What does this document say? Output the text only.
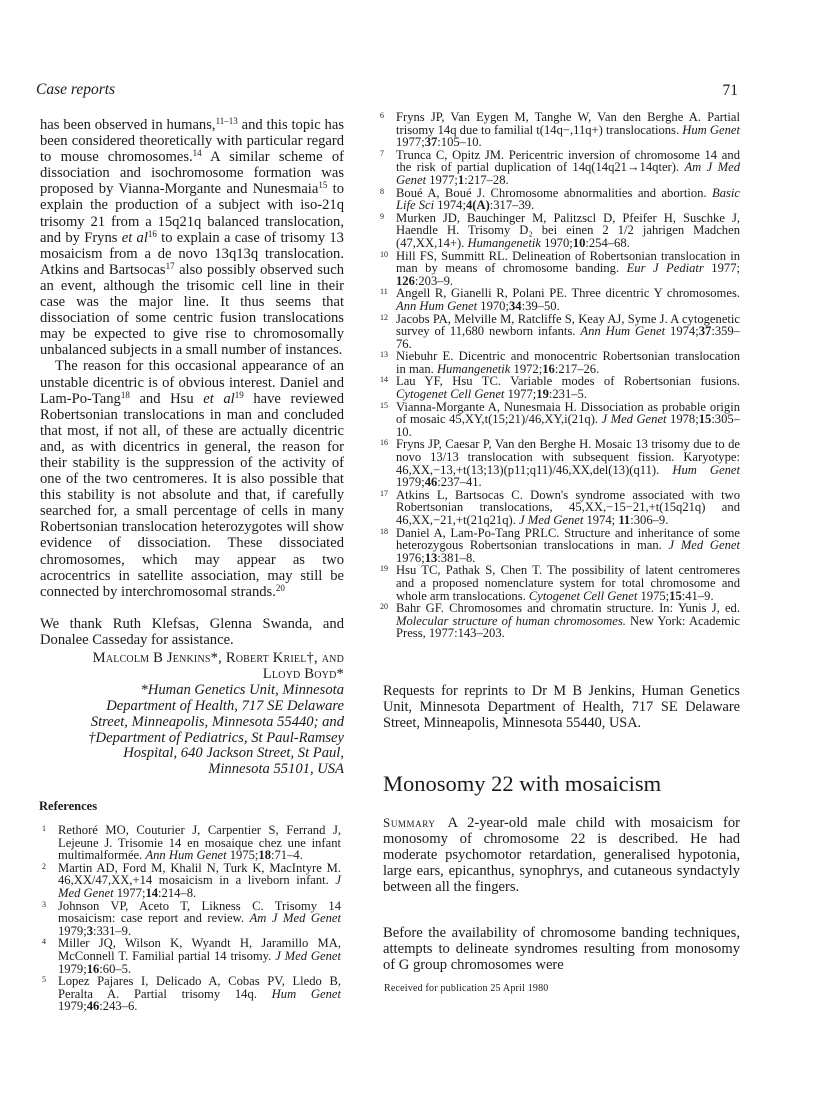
Case reports	71

has been observed in humans,$^{11-13}$ and this topic has been considered theoretically with particular regard to mouse chromosomes.$^{14}$ A similar scheme of dissociation and isochromosome formation was proposed by Vianna-Morgante and Nunesmaia$^{15}$ to explain the production of a subject with iso-21q trisomy 21 from a 15q21q balanced translocation, and by Fryns et $al^{16}$ to explain a case of trisomy 13 mosaicism from a de novo 13q13q translocation. Atkins and Bartsocas$^{17}$ also possibly observed such an event, although the trisomic cell line in their case was the major line. It thus seems that dissociation of some centric fusion translocations may be expected to give rise to chromosomally unbalanced subjects in a small number of instances.

The reason for this occasional appearance of an unstable dicentric is of obvious interest. Daniel and Lam-Po-Tang$^{18}$ and Hsu et $al^{19}$ have reviewed Robertsonian translocations in man and concluded that most, if not all, of these are actually dicentric and, as with dicentrics in general, the reason for their stability is the suppression of the activity of one of the two centromeres. It is also possible that this stability is not absolute and that, if carefully searched for, a small percentage of cells in many Robertsonian translocation heterozygotes will show evidence of dissociation. These dissociated chromosomes, which may appear as two acrocentrics in satellite association, may still be connected by interchromosomal strands.$^{20}$

We thank Ruth Klefsas, Glenna Swanda, and Donalee Casseday for assistance.

Malcolm B Jenkins*, Robert Kriel†, and
Lloyd Boyd*
*Human Genetics Unit, Minnesota
Department of Health, 717 SE Delaware
Street, Minneapolis, Minnesota 55440; and
†Department of Pediatrics, St Paul-Ramsey
Hospital, 640 Jackson Street, St Paul,
Minnesota 55101, USA
References
1 Rethoré MO, Couturier J, Carpentier S, Ferrand J, Lejeune J. Trisomie 14 en mosaique chez une infant multimalformée. Ann Hum Genet 1975;18:71–4.
2 Martin AD, Ford M, Khalil N, Turk K, MacIntyre M. 46,XX/47,XX,+14 mosaicism in a liveborn infant. J Med Genet 1977;14:214–8.
3 Johnson VP, Aceto T, Likness C. Trisomy 14 mosaicism: case report and review. Am J Med Genet 1979;3:331–9.
4 Miller JQ, Wilson K, Wyandt H, Jaramillo MA, McConnell T. Familial partial 14 trisomy. J Med Genet 1979;16:60–5.
5 Lopez Pajares I, Delicado A, Cobas PV, Lledo B, Peralta A. Partial trisomy 14q. Hum Genet 1979;46:243–6.
6 Fryns JP, Van Eygen M, Tanghe W, Van den Berghe A. Partial trisomy 14q due to familial t(14q−,11q+) translocations. Hum Genet 1977;37:105–10.
7 Trunca C, Opitz JM. Pericentric inversion of chromosome 14 and the risk of partial duplication of 14q(14q21→14qter). Am J Med Genet 1977;1:217–28.
8 Boué A, Boué J. Chromosome abnormalities and abortion. Basic Life Sci 1974;4(A):317–39.
9 Murken JD, Bauchinger M, Palitzscl D, Pfeifer H, Suschke J, Haendle H. Trisomy D₂ bei einen 2 1/2 jahrigen Madchen (47,XX,14+). Humangenetik 1970;10:254–68.
10 Hill FS, Summitt RL. Delineation of Robertsonian translocation in man by means of chromosome banding. Eur J Pediatr 1977; 126:203–9.
11 Angell R, Gianelli R, Polani PE. Three dicentric Y chromosomes. Ann Hum Genet 1970;34:39–50.
12 Jacobs PA, Melville M, Ratcliffe S, Keay AJ, Syme J. A cytogenetic survey of 11,680 newborn infants. Ann Hum Genet 1974;37:359–76.
13 Niebuhr E. Dicentric and monocentric Robertsonian translocation in man. Humangenetik 1972;16:217–26.
14 Lau YF, Hsu TC. Variable modes of Robertsonian fusions. Cytogenet Cell Genet 1977;19:231–5.
15 Vianna-Morgante A, Nunesmaia H. Dissociation as probable origin of mosaic 45,XY,t(15;21)/46,XY,i(21q). J Med Genet 1978;15:305–10.
16 Fryns JP, Caesar P, Van den Berghe H. Mosaic 13 trisomy due to de novo 13/13 translocation with subsequent fission. Karyotype: 46,XX,−13,+t(13;13)(p11;q11)/46,XX,del(13)(q11). Hum Genet 1979;46:237–41.
17 Atkins L, Bartsocas C. Down's syndrome associated with two Robertsonian translocations, 45,XX,−15−21,+t(15q21q) and 46,XX,−21,+t(21q21q). J Med Genet 1974; 11:306–9.
18 Daniel A, Lam-Po-Tang PRLC. Structure and inheritance of some heterozygous Robertsonian translocations in man. J Med Genet 1976;13:381–8.
19 Hsu TC, Pathak S, Chen T. The possibility of latent centromeres and a proposed nomenclature system for total chromosome and whole arm translocations. Cytogenet Cell Genet 1975;15:41–9.
20 Bahr GF. Chromosomes and chromatin structure. In: Yunis J, ed. Molecular structure of human chromosomes. New York: Academic Press, 1977:143–203.
Requests for reprints to Dr M B Jenkins, Human Genetics Unit, Minnesota Department of Health, 717 SE Delaware Street, Minneapolis, Minnesota 55440, USA.
Monosomy 22 with mosaicism
Summary A 2-year-old male child with mosaicism for monosomy of chromosome 22 is described. He had moderate psychomotor retardation, generalised hypotonia, large ears, epicanthus, synophrys, and cutaneous syndactyly between all the fingers.
Before the availability of chromosome banding techniques, attempts to delineate syndromes resulting from monosomy of G group chromosomes were
Received for publication 25 April 1980
